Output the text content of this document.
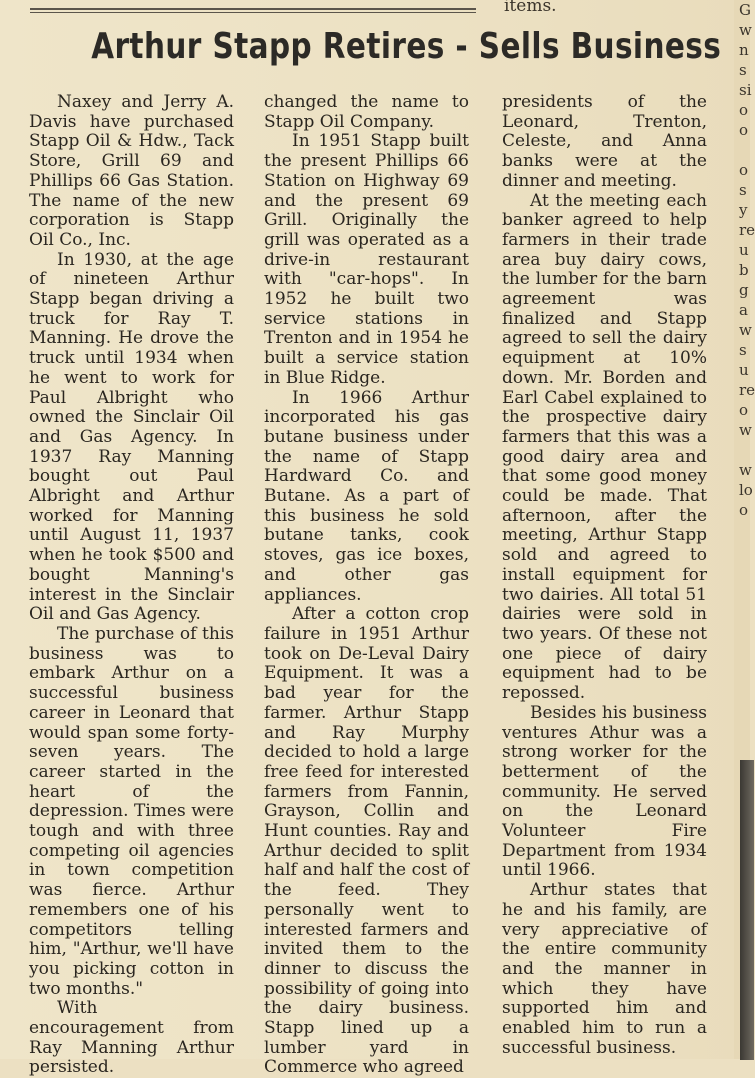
items.
Arthur Stapp Retires - Sells Business

Naxey and Jerry A. Davis have purchased Stapp Oil & Hdw., Tack Store, Grill 69 and Phillips 66 Gas Station. The name of the new corporation is Stapp Oil Co., Inc.

In 1930, at the age of nineteen Arthur Stapp began driving a truck for Ray T. Manning. He drove the truck until 1934 when he went to work for Paul Albright who owned the Sinclair Oil and Gas Agency. In 1937 Ray Manning bought out Paul Albright and Arthur worked for Manning until August 11, 1937 when he took $500 and bought Manning's interest in the Sinclair Oil and Gas Agency.

The purchase of this business was to embark Arthur on a successful business career in Leonard that would span some forty-seven years. The career started in the heart of the depression. Times were tough and with three competing oil agencies in town competition was fierce. Arthur remembers one of his competitors telling him, "Arthur, we'll have you picking cotton in two months."

With encouragement from Ray Manning Arthur persisted.

changed the name to Stapp Oil Company.

In 1951 Stapp built the present Phillips 66 Station on Highway 69 and the present 69 Grill. Originally the grill was operated as a drive-in restaurant with "car-hops". In 1952 he built two service stations in Trenton and in 1954 he built a service station in Blue Ridge.

In 1966 Arthur incorporated his gas butane business under the name of Stapp Hardward Co. and Butane. As a part of this business he sold butane tanks, cook stoves, gas ice boxes, and other gas appliances.

After a cotton crop failure in 1951 Arthur took on De-Leval Dairy Equipment. It was a bad year for the farmer. Arthur Stapp and Ray Murphy decided to hold a large free feed for interested farmers from Fannin, Grayson, Collin and Hunt counties. Ray and Arthur decided to split half and half the cost of the feed. They personally went to interested farmers and invited them to the dinner to discuss the possibility of going into the dairy business. Stapp lined up a lumber yard in Commerce who agreed

presidents of the Leonard, Trenton, Celeste, and Anna banks were at the dinner and meeting.

At the meeting each banker agreed to help farmers in their trade area buy dairy cows, the lumber for the barn agreement was finalized and Stapp agreed to sell the dairy equipment at 10% down. Mr. Borden and Earl Cabel explained to the prospective dairy farmers that this was a good dairy area and that some good money could be made. That afternoon, after the meeting, Arthur Stapp sold and agreed to install equipment for two dairies. All total 51 dairies were sold in two years. Of these not one piece of dairy equipment had to be repossed.

Besides his business ventures Athur was a strong worker for the betterment of the community. He served on the Leonard Volunteer Fire Department from 1934 until 1966.

Arthur states that he and his family, are very appreciative of the entire community and the manner in which they have supported him and enabled him to run a successful business.

G
w
n
s
si
o
o

o
s
y
re
u
b
g
a
w
s
u
re
o
w

w
lo
o
